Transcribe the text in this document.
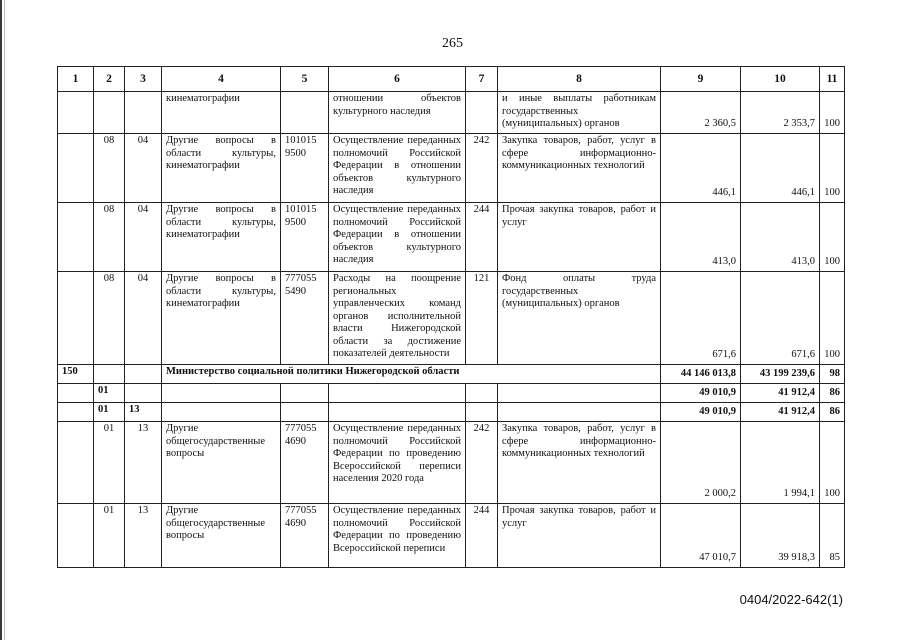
265
1	2	3	4	5	6	7	8	9	10	11
			кинематографии		отношении объектов культурного наследия		и иные выплаты работникам государственных (муниципальных) органов	2 360,5	2 353,7	100
	08	04	Другие вопросы в области культуры, кинематографии	101015 9500	Осуществление переданных полномочий Российской Федерации в отношении объектов культурного наследия	242	Закупка товаров, работ, услуг в сфере информационно-коммуникационных технологий	446,1	446,1	100
	08	04	Другие вопросы в области культуры, кинематографии	101015 9500	Осуществление переданных полномочий Российской Федерации в отношении объектов культурного наследия	244	Прочая закупка товаров, работ и услуг	413,0	413,0	100
	08	04	Другие вопросы в области культуры, кинематографии	777055 5490	Расходы на поощрение региональных управленческих команд органов исполнительной власти Нижегородской области за достижение показателей деятельности	121	Фонд оплаты труда государственных (муниципальных) органов	671,6	671,6	100
150			Министерство социальной политики Нижегородской области					44 146 013,8	43 199 239,6	98
	01							49 010,9	41 912,4	86
	01	13						49 010,9	41 912,4	86
	01	13	Другие общегосударственные вопросы	777055 4690	Осуществление переданных полномочий Российской Федерации по проведению Всероссийской переписи населения 2020 года	242	Закупка товаров, работ, услуг в сфере информационно-коммуникационных технологий	2 000,2	1 994,1	100
	01	13	Другие общегосударственные вопросы	777055 4690	Осуществление переданных полномочий Российской Федерации по проведению Всероссийской переписи	244	Прочая закупка товаров, работ и услуг	47 010,7	39 918,3	85
0404/2022-642(1)
